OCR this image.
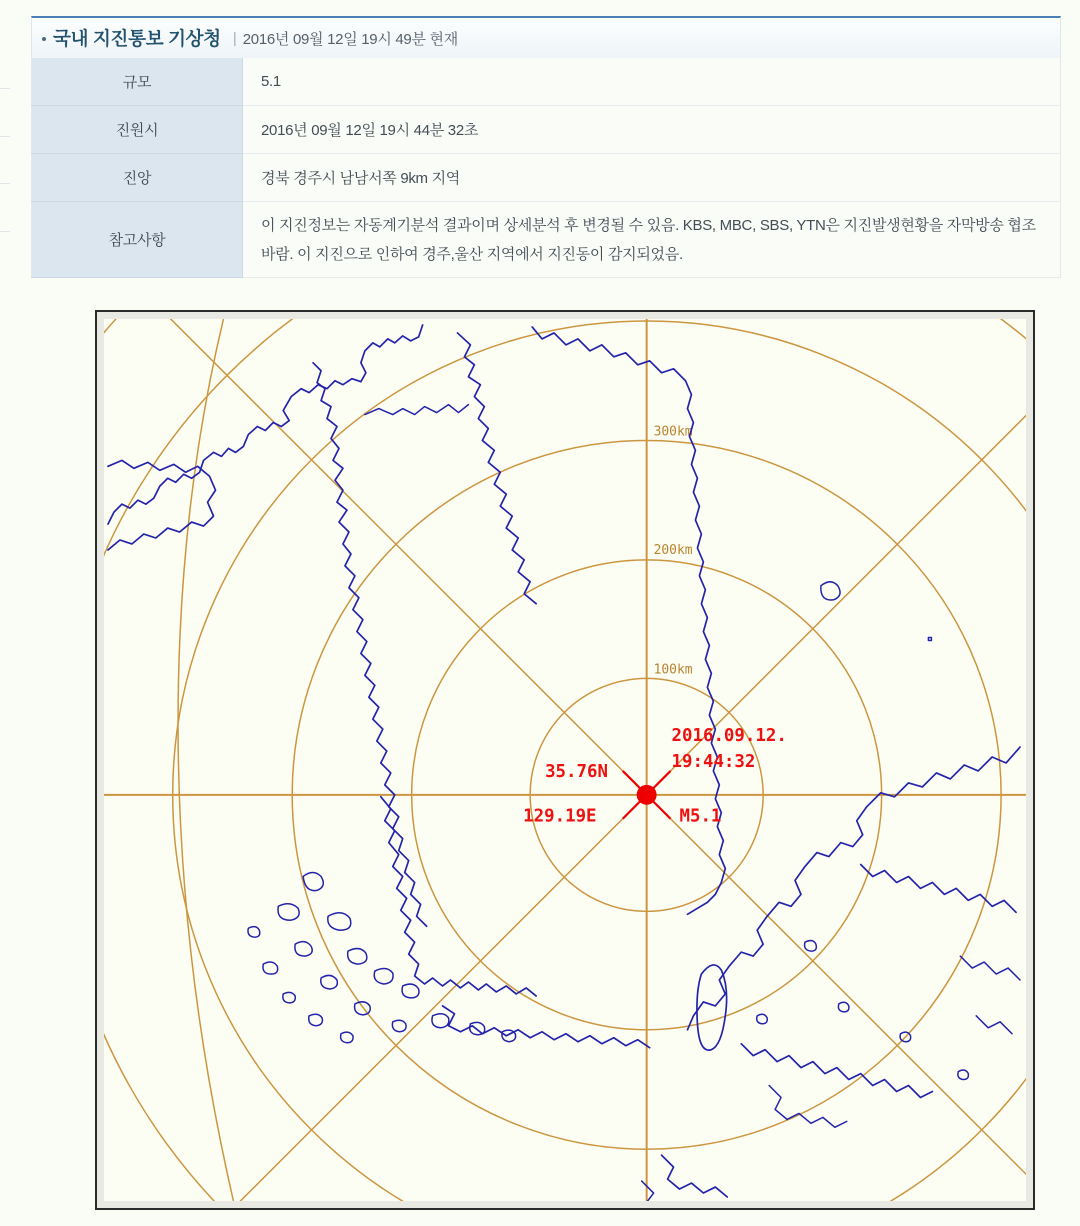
국내 지진통보 기상청 | 2016년 09월 12일 19시 49분 현재
규모	5.1
진원시	2016년 09월 12일 19시 44분 32초
진앙	경북 경주시 남남서쪽 9km 지역
참고사항	이 지진정보는 자동계기분석 결과이며 상세분석 후 변경될 수 있음. KBS, MBC, SBS, YTN은 지진발생현황을 자막방송 협조 바람. 이 지진으로 인하여 경주,울산 지역에서 지진동이 감지되었음.
100km
200km
300km
35.76N
129.19E
2016.09.12.
19:44:32
M5.1
